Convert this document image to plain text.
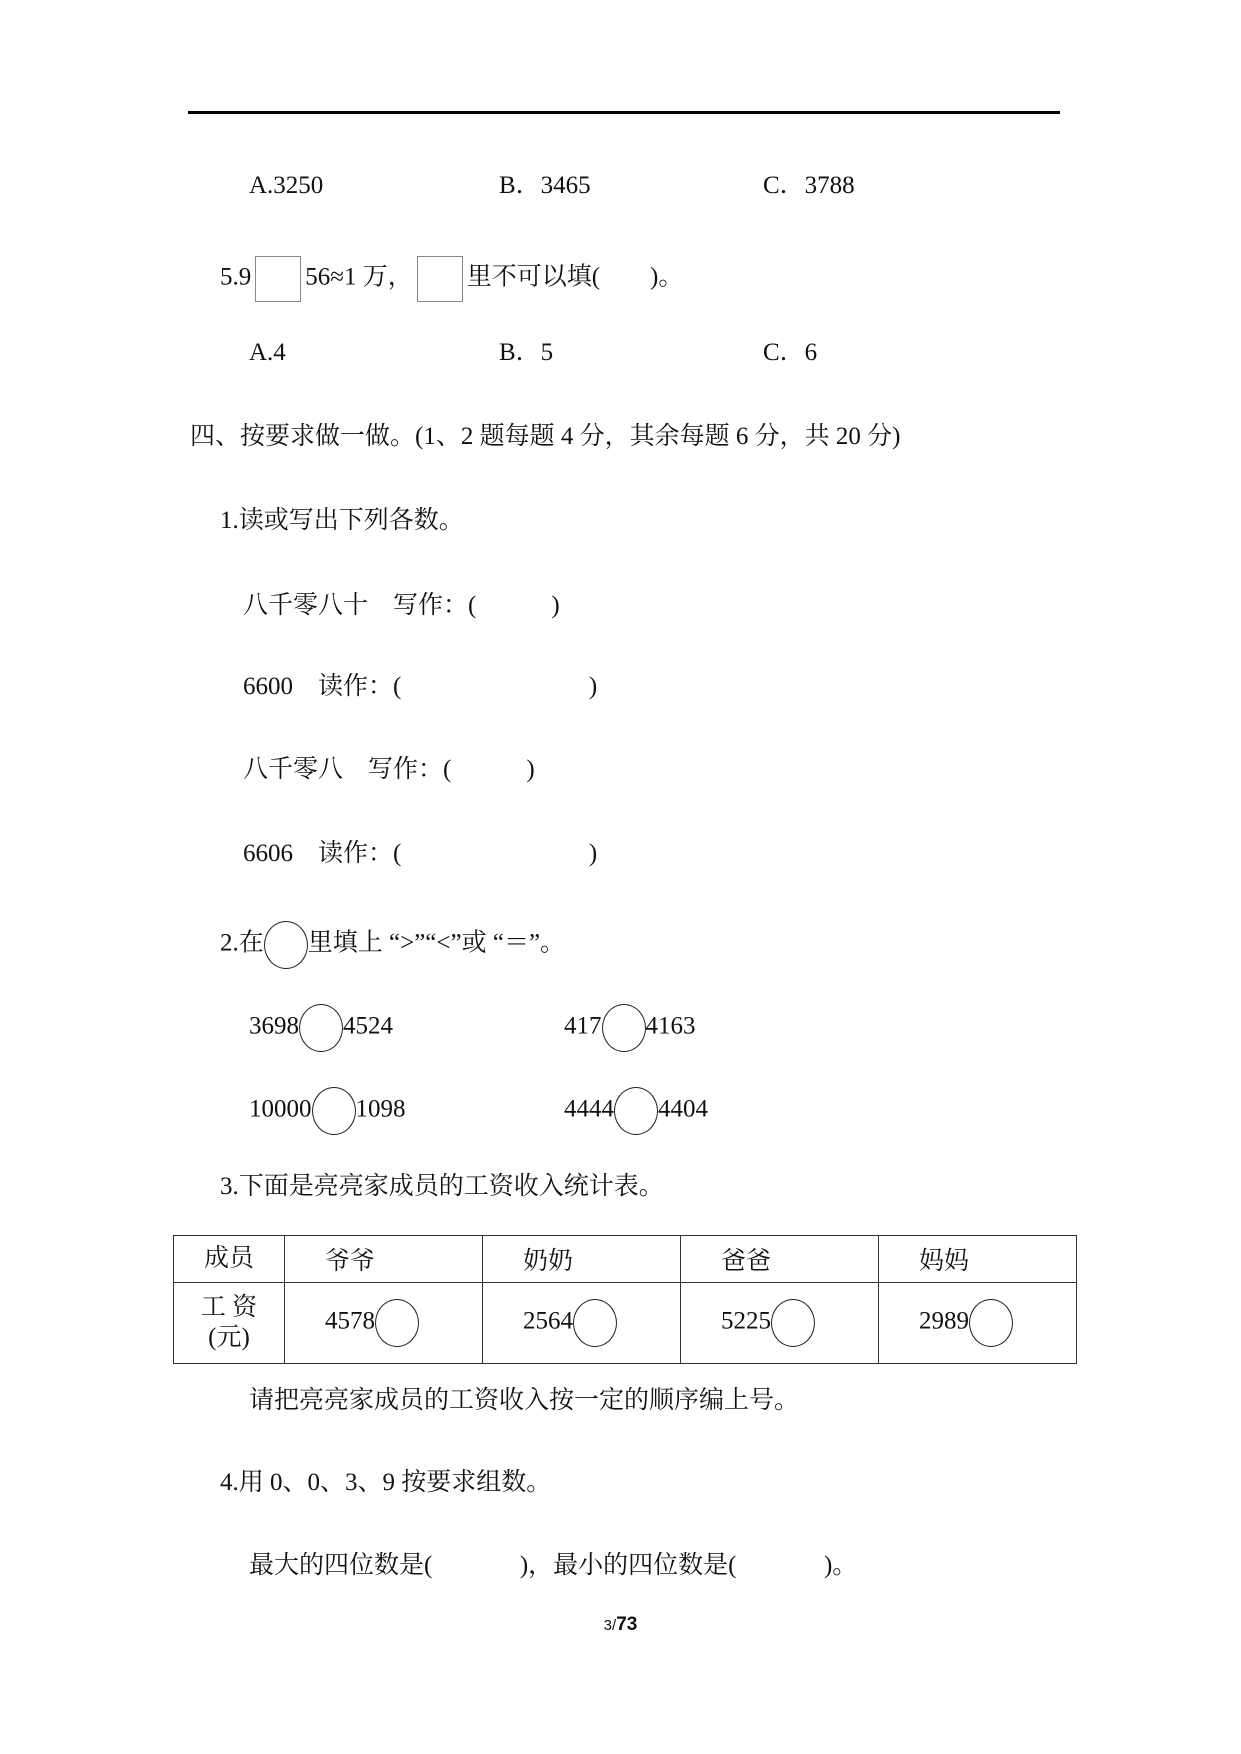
A.3250	B．3465	C．3788
5.9 56≈1 万， 里不可以填(        )。
A.4	B．5	C．6
四、按要求做一做。(1、2 题每题 4 分，其余每题 6 分，共 20 分)
1.读或写出下列各数。
八千零八十    写作：(            )
6600    读作：(                              )
八千零八    写作：(            )
6606    读作：(                              )
2.在 里填上 “>”“<”或 “＝”。
3698 4524	417 4163
10000 1098	4444 4404
3.下面是亮亮家成员的工资收入统计表。
成员	爷爷	奶奶	爸爸	妈妈

工 资
(元)	4578	2564	5225	2989
请把亮亮家成员的工资收入按一定的顺序编上号。
4.用 0、0、3、9 按要求组数。
最大的四位数是(              )，最小的四位数是(              )。
3/73
